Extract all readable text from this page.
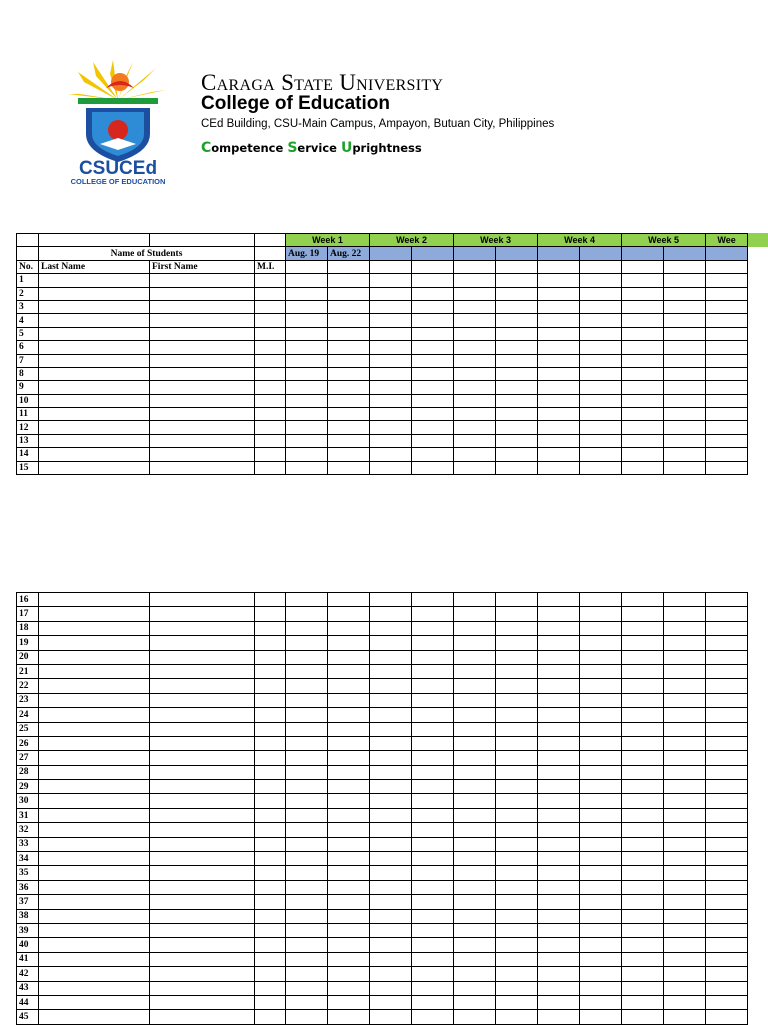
CSUCEd
COLLEGE OF EDUCATION
Caraga State University
College of Education
CEd Building, CSU-Main Campus, Ampayon, Butuan City, Philippines
Competence Service Uprightness
				Week 1		Week 2		Week 3		Week 4		Week 5		Wee
	Name of Students			Aug. 19	Aug. 22									
No.	Last Name	First Name	M.I.											
1														
2														
3														
4														
5														
6														
7														
8														
9														
10														
11														
12														
13														
14														
15														
16														
17														
18														
19														
20														
21														
22														
23														
24														
25														
26														
27														
28														
29														
30														
31														
32														
33														
34														
35														
36														
37														
38														
39														
40														
41														
42														
43														
44														
45														
